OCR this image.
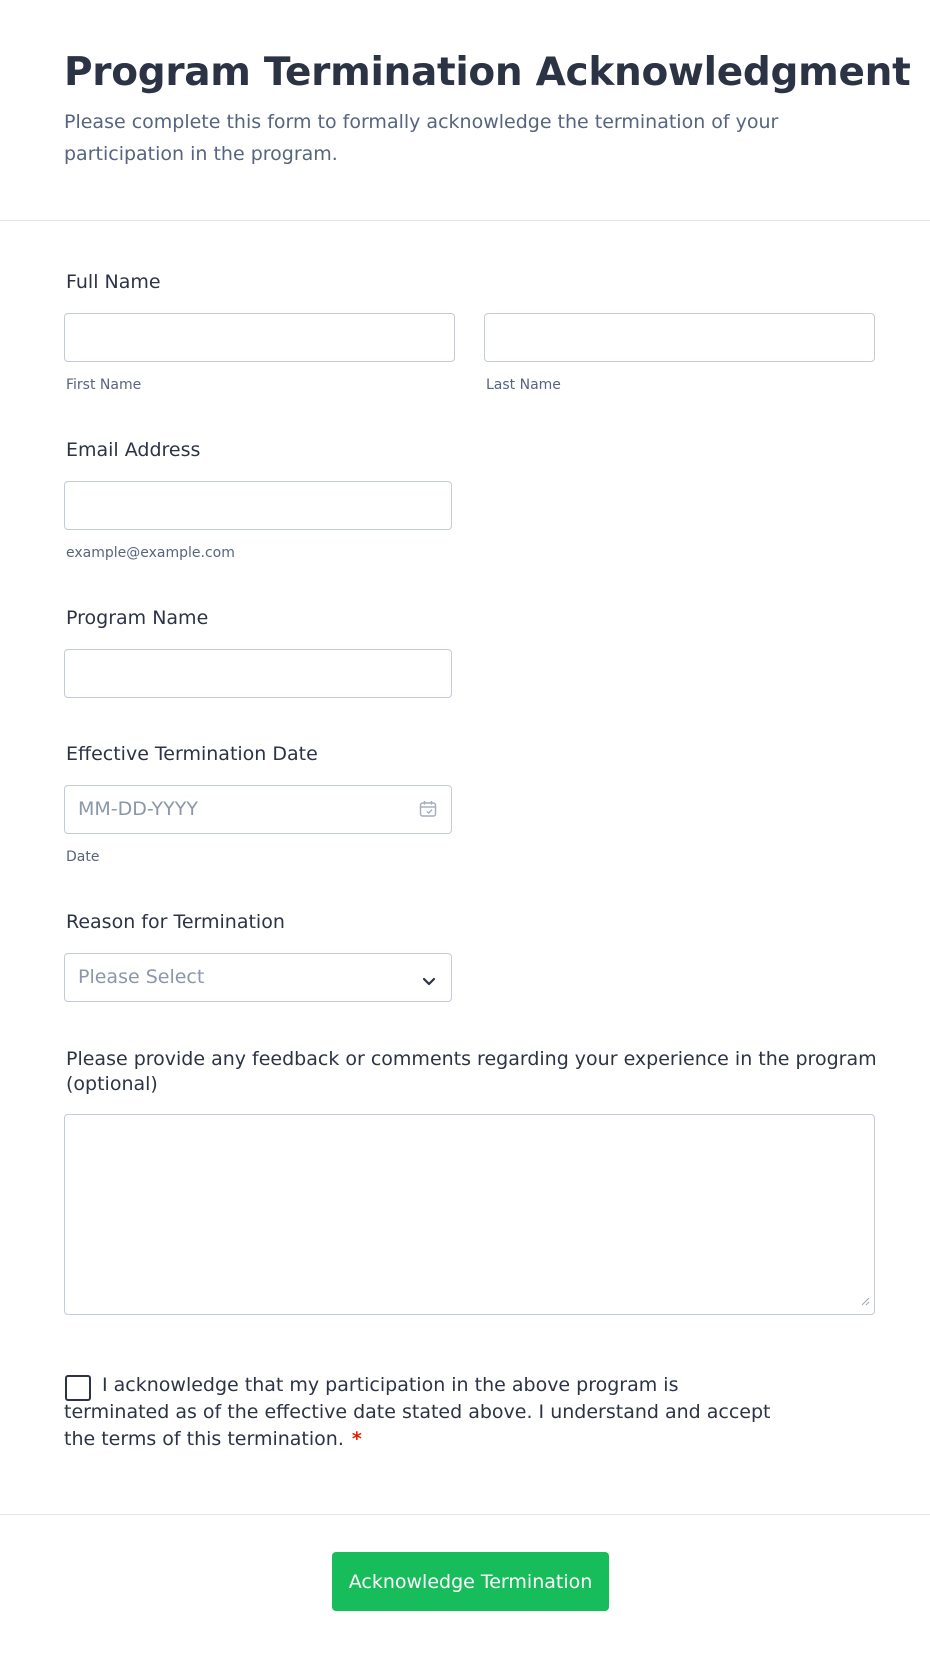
Program Termination Acknowledgment

Please complete this form to formally acknowledge the termination of your participation in the program.

Full Name
First Name	Last Name
Email Address
example@example.com
Program Name
Effective Termination Date
MM-DD-YYYY
Date
Reason for Termination
Please Select
Please provide any feedback or comments regarding your experience in the program (optional)

I acknowledge that my participation in the above program is terminated as of the effective date stated above. I understand and accept the terms of this termination. *

Acknowledge Termination
